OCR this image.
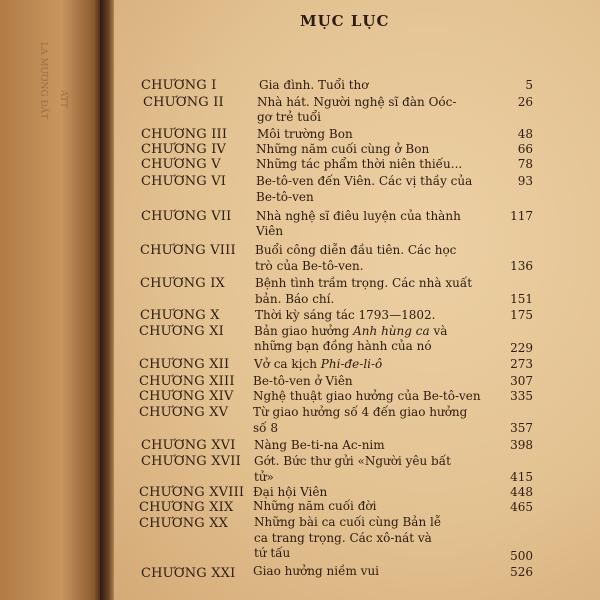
LA MƯƠNG ĐẤT ATT
MỤC LỤC
CHƯƠNG I	Gia đình. Tuổi thơ	5
CHƯƠNG II	Nhà hát. Người nghệ sĩ đàn Oóc-	26
gơ trẻ tuổi
CHƯƠNG III Môi trường Bon	48
CHƯƠNG IV Những năm cuối cùng ở Bon	66
CHƯƠNG V	Những tác phẩm thời niên thiếu...	78
CHƯƠNG VI Be-tô-ven đến Viên. Các vị thầy của	93
Be-tô-ven
CHƯƠNG VII Nhà nghệ sĩ điêu luyện của thành	117
Viên
CHƯƠNG VIII Buổi công diễn đầu tiên. Các học
trò của Be-tô-ven.	136
CHƯƠNG IX	Bệnh tình trầm trọng. Các nhà xuất
bản. Báo chí.	151
CHƯƠNG X	Thời kỳ sáng tác 1793—1802.	175
CHƯƠNG XI	Bản giao hưởng Anh hùng ca và
những bạn đồng hành của nó	229
CHƯƠNG XII Vở ca kịch Phi-đe-li-ô	273
CHƯƠNG XIII Be-tô-ven ở Viên	307
CHƯƠNG XIV Nghệ thuật giao hưởng của Be-tô-ven 335
CHƯƠNG XV Từ giao hưởng số 4 đến giao hưởng
số 8	357
CHƯƠNG XVI Nàng Be-ti-na Ac-nim	398
CHƯƠNG XVII Gớt. Bức thư gửi «Người yêu bất
tử»	415
CHƯƠNG XVIII Đại hội Viên	448
CHƯƠNG XIX Những năm cuối đời	465
CHƯƠNG XX Những bài ca cuối cùng Bản lễ
ca trang trọng. Các xô-nát và
tứ tấu	500
CHƯƠNG XXI Giao hưởng niềm vui	526
